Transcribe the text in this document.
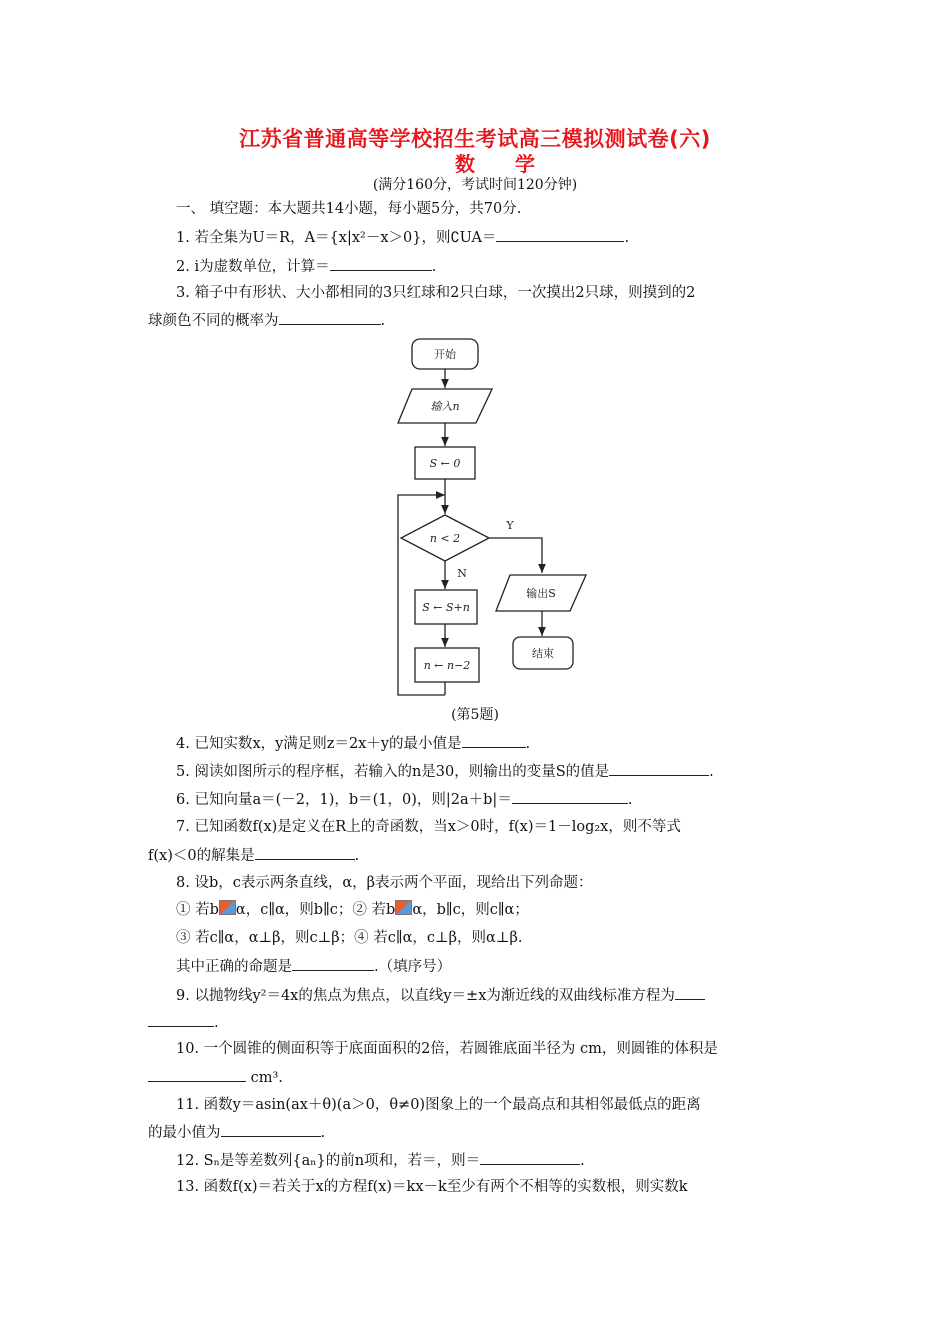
江苏省普通高等学校招生考试高三模拟测试卷(六)
数学
(满分160分，考试时间120分钟)
一、 填空题：本大题共14小题，每小题5分，共70分.
1. 若全集为U＝R，A＝{x|x²－x＞0}，则∁UA＝	.
2. i为虚数单位，计算＝	.
3. 箱子中有形状、大小都相同的3只红球和2只白球，一次摸出2只球，则摸到的2
球颜色不同的概率为	.
开始
输入n
S ← 0
n < 2
Y
N
S ← S+n
n ← n−2
输出S
结束
(第5题)
4. 已知实数x，y满足则z＝2x＋y的最小值是	.
5. 阅读如图所示的程序框，若输入的n是30，则输出的变量S的值是	.
6. 已知向量a＝(－2，1)，b＝(1，0)，则|2a＋b|＝	.
7. 已知函数f(x)是定义在R上的奇函数，当x＞0时，f(x)＝1－log₂x，则不等式
f(x)＜0的解集是	.
8. 设b，c表示两条直线，α，β表示两个平面，现给出下列命题：
① 若b α，c∥α，则b∥c；② 若b α，b∥c，则c∥α；
③ 若c∥α，α⊥β，则c⊥β；④ 若c∥α，c⊥β，则α⊥β.
其中正确的命题是	.（填序号）
9. 以抛物线y²＝4x的焦点为焦点，以直线y＝±x为渐近线的双曲线标准方程为
.
10. 一个圆锥的侧面积等于底面面积的2倍，若圆锥底面半径为 cm，则圆锥的体积是
cm³.
11. 函数y＝asin(ax＋θ)(a＞0，θ≠0)图象上的一个最高点和其相邻最低点的距离
的最小值为	.
12. Sₙ是等差数列{aₙ}的前n项和，若＝，则＝	.
13. 函数f(x)＝若关于x的方程f(x)＝kx－k至少有两个不相等的实数根，则实数k
